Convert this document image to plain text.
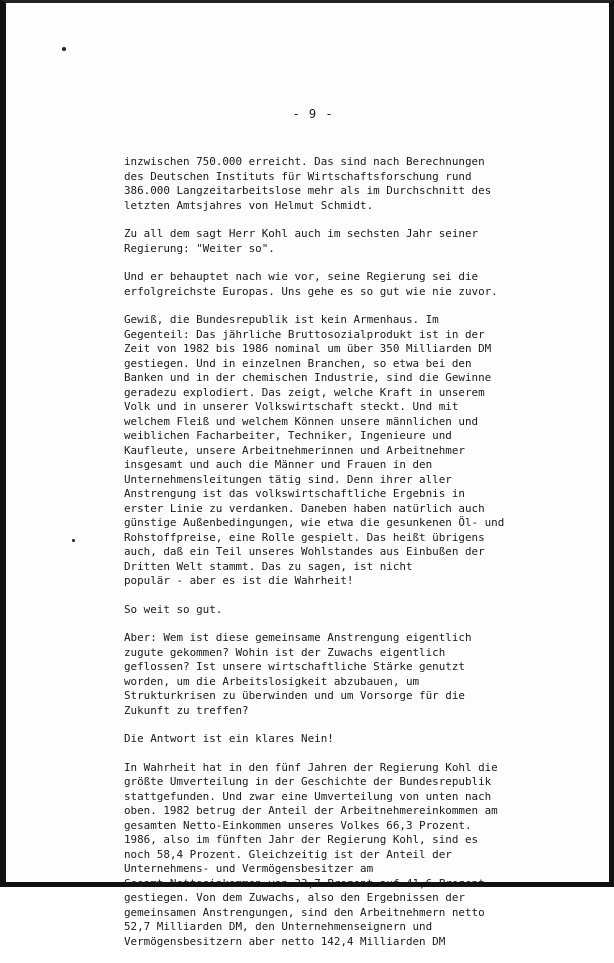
- 9 -

inzwischen 750.000 erreicht. Das sind nach Berechnungen
des Deutschen Instituts für Wirtschaftsforschung rund
386.000 Langzeitarbeitslose mehr als im Durchschnitt des
letzten Amtsjahres von Helmut Schmidt.

Zu all dem sagt Herr Kohl auch im sechsten Jahr seiner
Regierung: "Weiter so".

Und er behauptet nach wie vor, seine Regierung sei die
erfolgreichste Europas. Uns gehe es so gut wie nie zuvor.

Gewiß, die Bundesrepublik ist kein Armenhaus. Im
Gegenteil: Das jährliche Bruttosozialprodukt ist in der
Zeit von 1982 bis 1986 nominal um über 350 Milliarden DM
gestiegen. Und in einzelnen Branchen, so etwa bei den
Banken und in der chemischen Industrie, sind die Gewinne
geradezu explodiert. Das zeigt, welche Kraft in unserem
Volk und in unserer Volkswirtschaft steckt. Und mit
welchem Fleiß und welchem Können unsere männlichen und
weiblichen Facharbeiter, Techniker, Ingenieure und
Kaufleute, unsere Arbeitnehmerinnen und Arbeitnehmer
insgesamt und auch die Männer und Frauen in den
Unternehmensleitungen tätig sind. Denn ihrer aller
Anstrengung ist das volkswirtschaftliche Ergebnis in
erster Linie zu verdanken. Daneben haben natürlich auch
günstige Außenbedingungen, wie etwa die gesunkenen Öl- und
Rohstoffpreise, eine Rolle gespielt. Das heißt übrigens
auch, daß ein Teil unseres Wohlstandes aus Einbußen der
Dritten Welt stammt. Das zu sagen, ist nicht
populär - aber es ist die Wahrheit!

So weit so gut.

Aber: Wem ist diese gemeinsame Anstrengung eigentlich
zugute gekommen? Wohin ist der Zuwachs eigentlich
geflossen? Ist unsere wirtschaftliche Stärke genutzt
worden, um die Arbeitslosigkeit abzubauen, um
Strukturkrisen zu überwinden und um Vorsorge für die
Zukunft zu treffen?

Die Antwort ist ein klares Nein!

In Wahrheit hat in den fünf Jahren der Regierung Kohl die
größte Umverteilung in der Geschichte der Bundesrepublik
stattgefunden. Und zwar eine Umverteilung von unten nach
oben. 1982 betrug der Anteil der Arbeitnehmereinkommen am
gesamten Netto-Einkommen unseres Volkes 66,3 Prozent.
1986, also im fünften Jahr der Regierung Kohl, sind es
noch 58,4 Prozent. Gleichzeitig ist der Anteil der
Unternehmens- und Vermögensbesitzer am
Gesamt-Nettoeinkommen von 33,7 Prozent auf 41,6 Prozent
gestiegen. Von dem Zuwachs, also den Ergebnissen der
gemeinsamen Anstrengungen, sind den Arbeitnehmern netto
52,7 Milliarden DM, den Unternehmenseignern und
Vermögensbesitzern aber netto 142,4 Milliarden DM
